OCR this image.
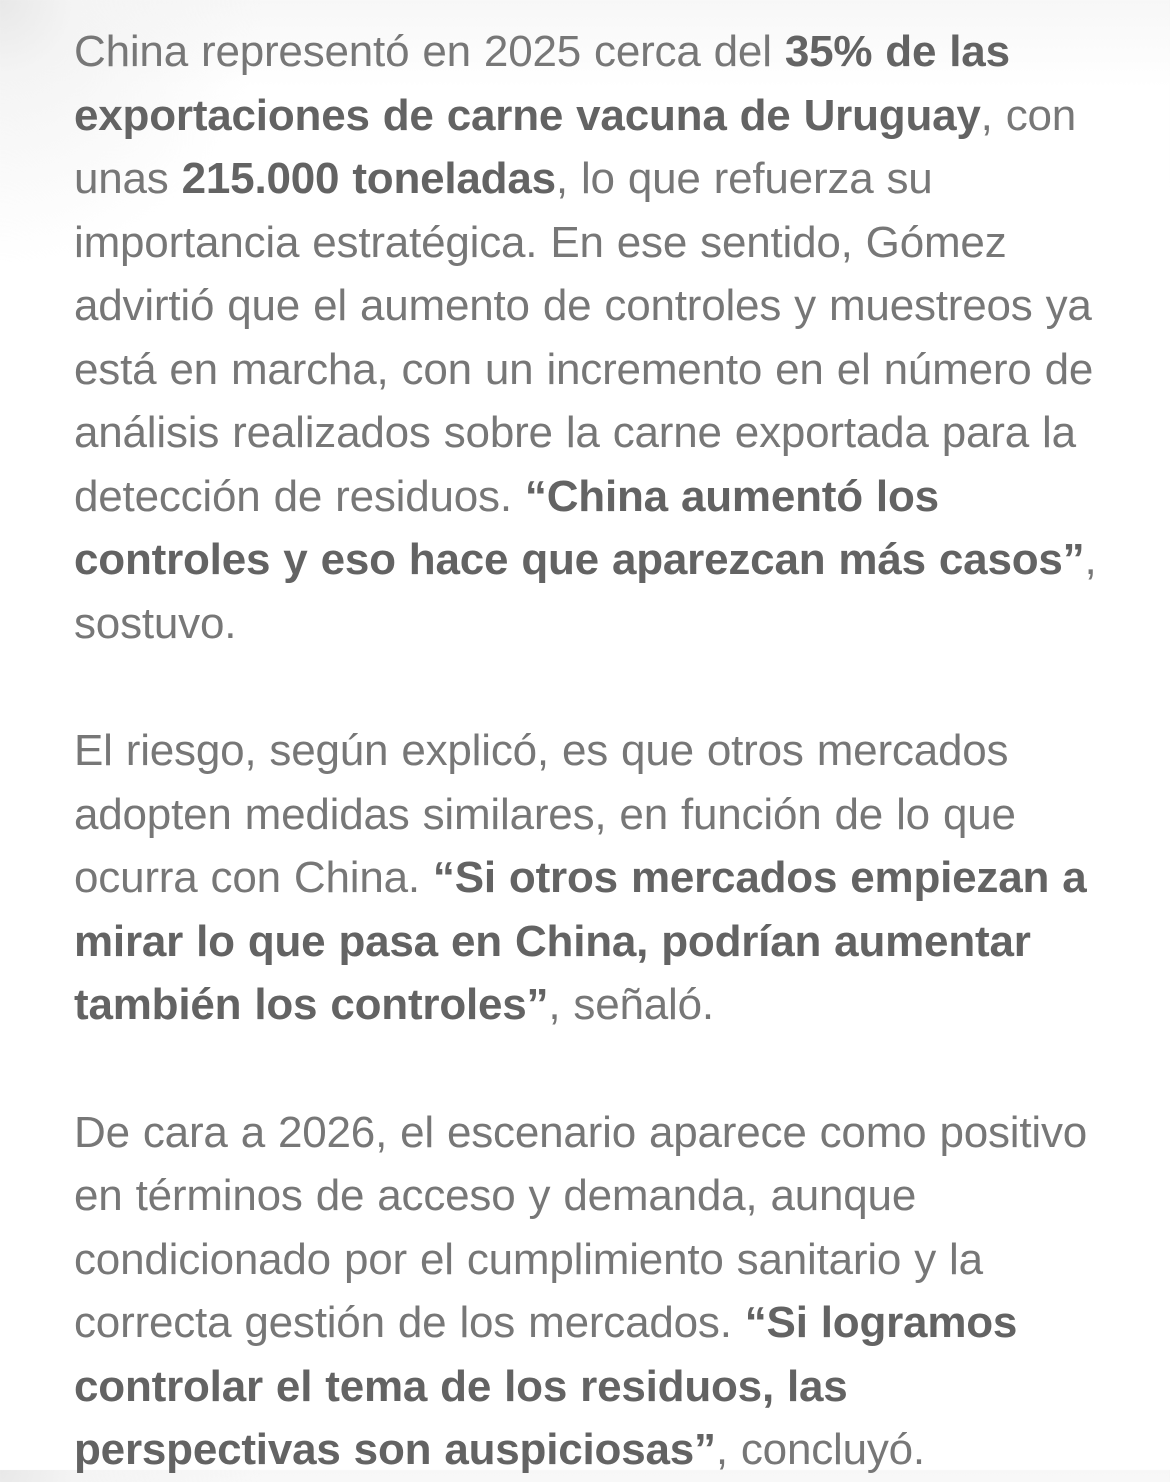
China representó en 2025 cerca del 35% de las exportaciones de carne vacuna de Uruguay, con unas 215.000 toneladas, lo que refuerza su importancia estratégica. En ese sentido, Gómez advirtió que el aumento de controles y muestreos ya está en marcha, con un incremento en el número de análisis realizados sobre la carne exportada para la detección de residuos. “China aumentó los controles y eso hace que aparezcan más casos”, sostuvo.

El riesgo, según explicó, es que otros mercados adopten medidas similares, en función de lo que ocurra con China. “Si otros mercados empiezan a mirar lo que pasa en China, podrían aumentar también los controles”, señaló.

De cara a 2026, el escenario aparece como positivo en términos de acceso y demanda, aunque condicionado por el cumplimiento sanitario y la correcta gestión de los mercados. “Si logramos controlar el tema de los residuos, las perspectivas son auspiciosas”, concluyó.
